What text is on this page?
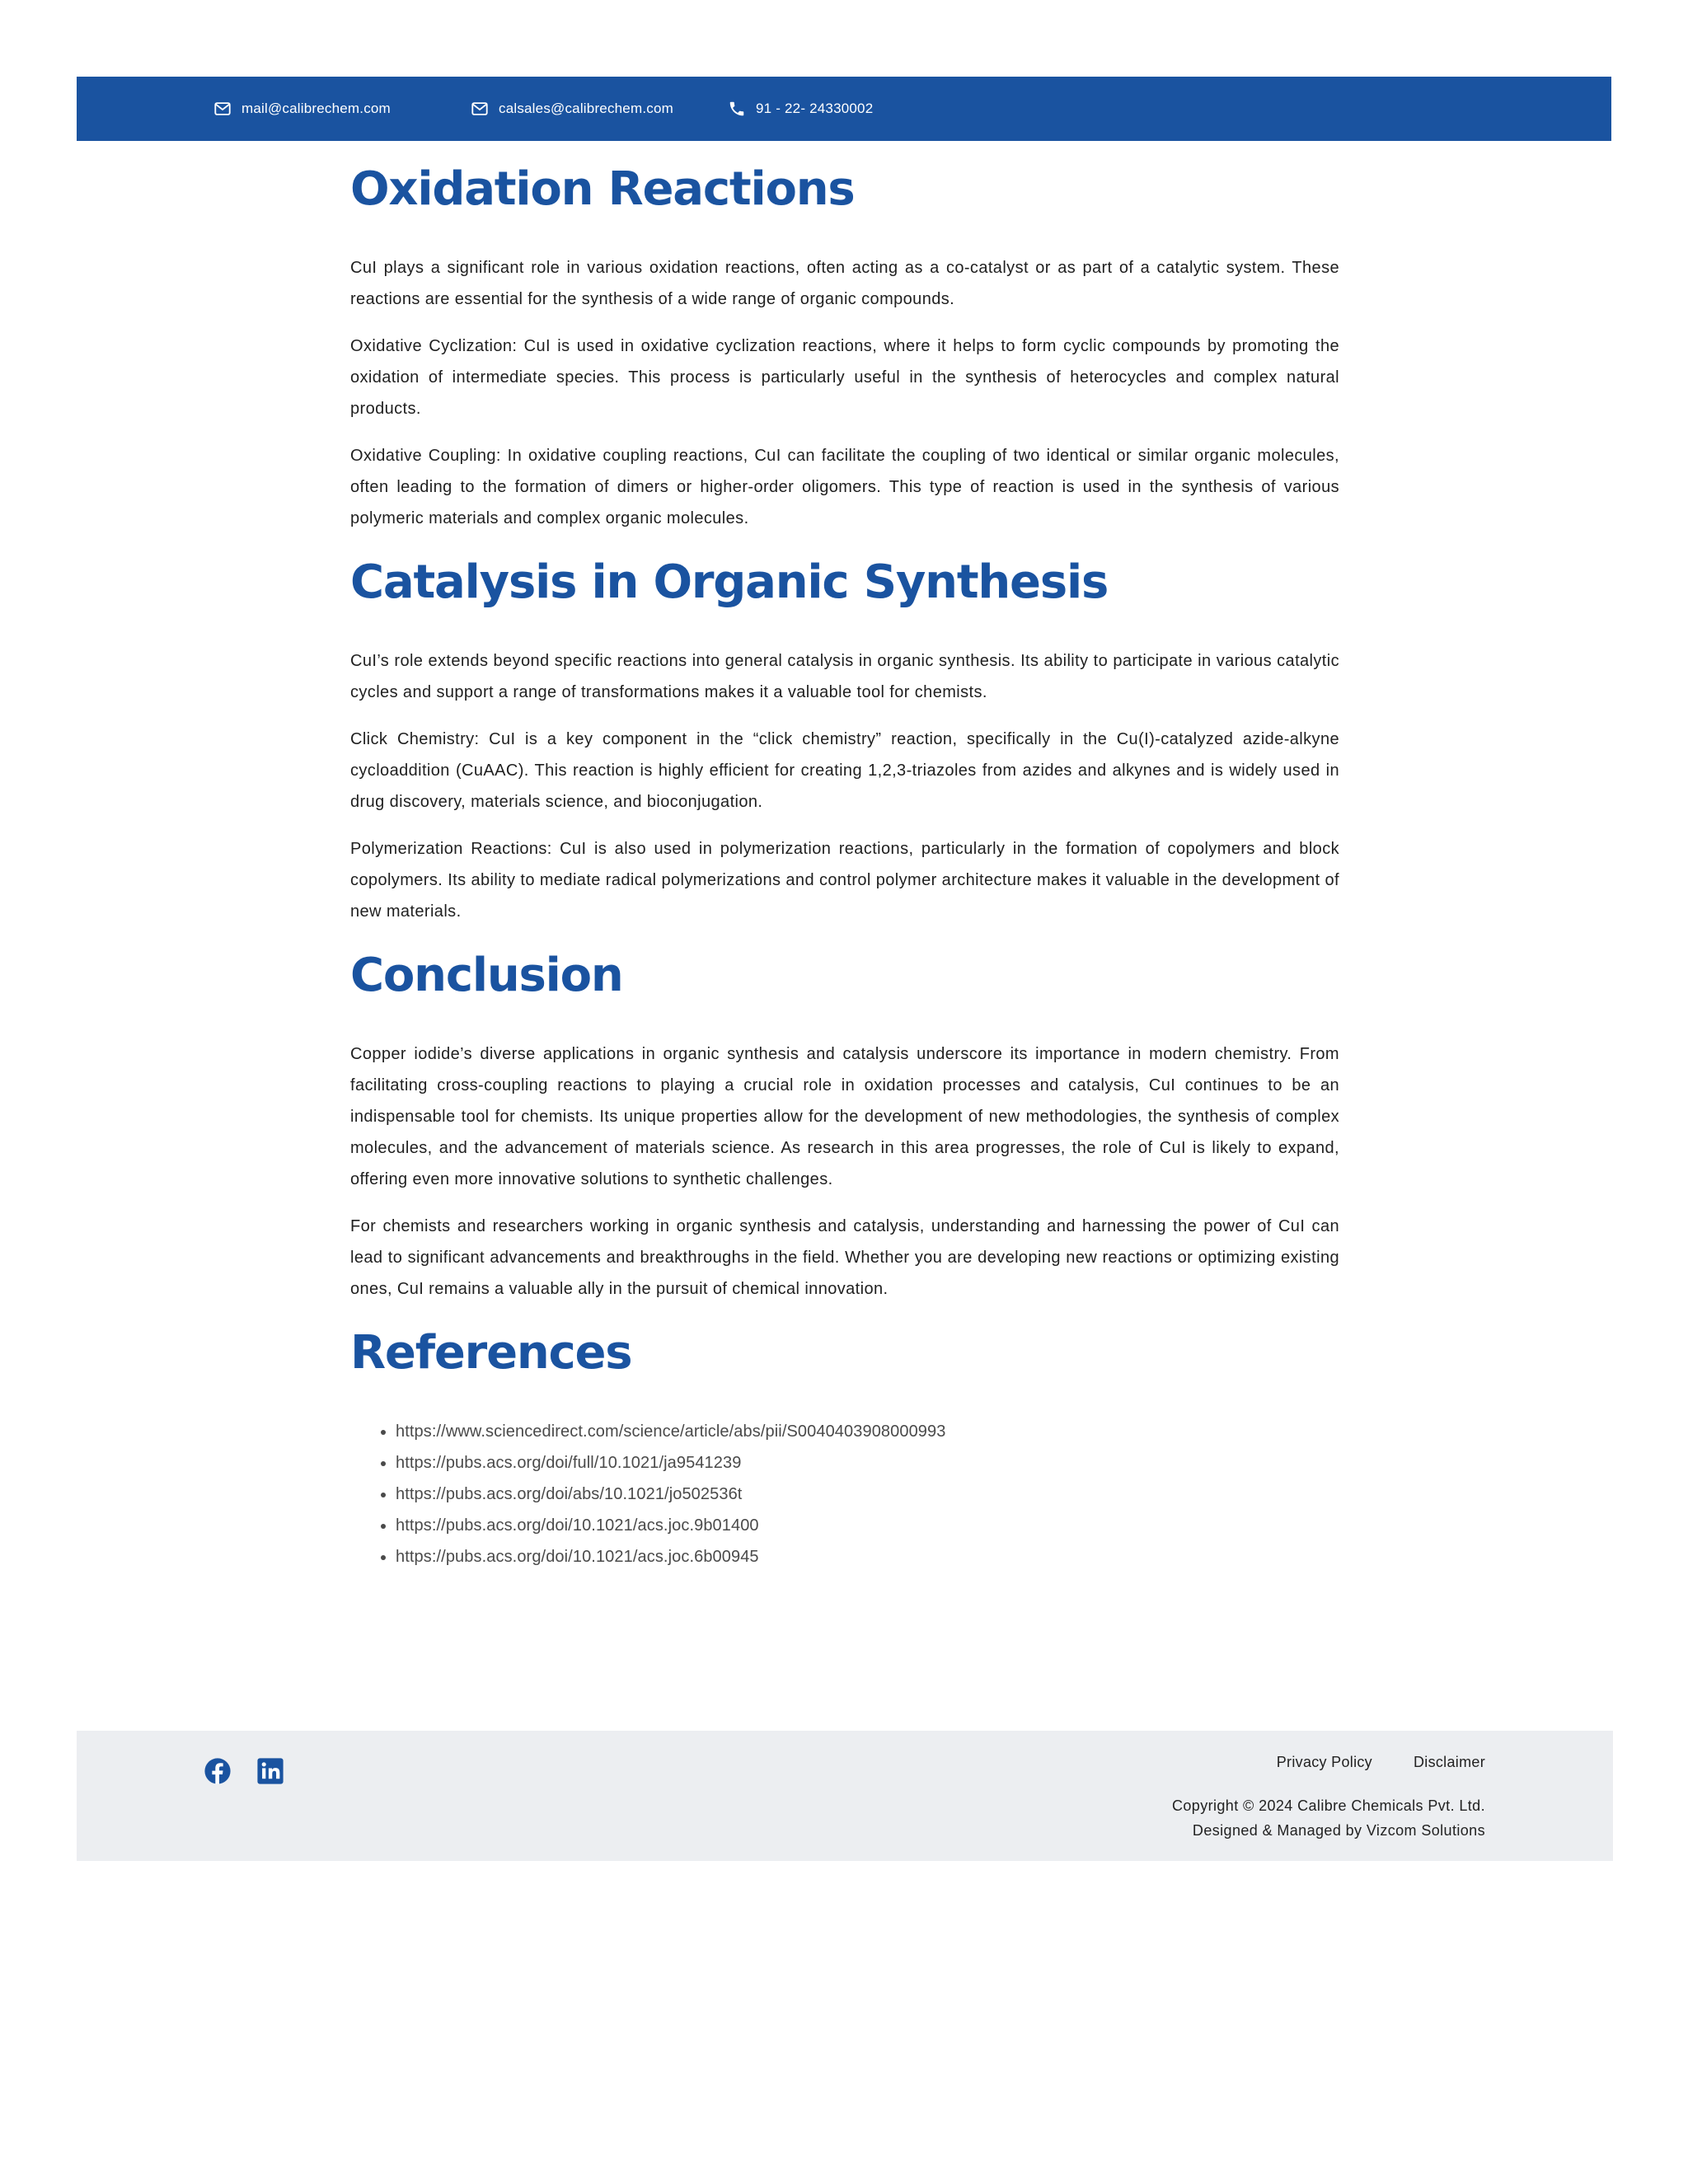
mail@calibrechem.com	calsales@calibrechem.com	91 - 22- 24330002
Oxidation Reactions

CuI plays a significant role in various oxidation reactions, often acting as a co-catalyst or as part of a catalytic system. These reactions are essential for the synthesis of a wide range of organic compounds.

Oxidative Cyclization: CuI is used in oxidative cyclization reactions, where it helps to form cyclic compounds by promoting the oxidation of intermediate species. This process is particularly useful in the synthesis of heterocycles and complex natural products.

Oxidative Coupling: In oxidative coupling reactions, CuI can facilitate the coupling of two identical or similar organic molecules, often leading to the formation of dimers or higher-order oligomers. This type of reaction is used in the synthesis of various polymeric materials and complex organic molecules.

Catalysis in Organic Synthesis

CuI’s role extends beyond specific reactions into general catalysis in organic synthesis. Its ability to participate in various catalytic cycles and support a range of transformations makes it a valuable tool for chemists.

Click Chemistry: CuI is a key component in the “click chemistry” reaction, specifically in the Cu(I)-catalyzed azide-alkyne cycloaddition (CuAAC). This reaction is highly efficient for creating 1,2,3-triazoles from azides and alkynes and is widely used in drug discovery, materials science, and bioconjugation.

Polymerization Reactions: CuI is also used in polymerization reactions, particularly in the formation of copolymers and block copolymers. Its ability to mediate radical polymerizations and control polymer architecture makes it valuable in the development of new materials.

Conclusion

Copper iodide’s diverse applications in organic synthesis and catalysis underscore its importance in modern chemistry. From facilitating cross-coupling reactions to playing a crucial role in oxidation processes and catalysis, CuI continues to be an indispensable tool for chemists. Its unique properties allow for the development of new methodologies, the synthesis of complex molecules, and the advancement of materials science. As research in this area progresses, the role of CuI is likely to expand, offering even more innovative solutions to synthetic challenges.

For chemists and researchers working in organic synthesis and catalysis, understanding and harnessing the power of CuI can lead to significant advancements and breakthroughs in the field. Whether you are developing new reactions or optimizing existing ones, CuI remains a valuable ally in the pursuit of chemical innovation.

References
• https://www.sciencedirect.com/science/article/abs/pii/S0040403908000993
• https://pubs.acs.org/doi/full/10.1021/ja9541239
• https://pubs.acs.org/doi/abs/10.1021/jo502536t
• https://pubs.acs.org/doi/10.1021/acs.joc.9b01400
• https://pubs.acs.org/doi/10.1021/acs.joc.6b00945
Privacy Policy	Disclaimer
Copyright © 2024 Calibre Chemicals Pvt. Ltd.
Designed & Managed by Vizcom Solutions
